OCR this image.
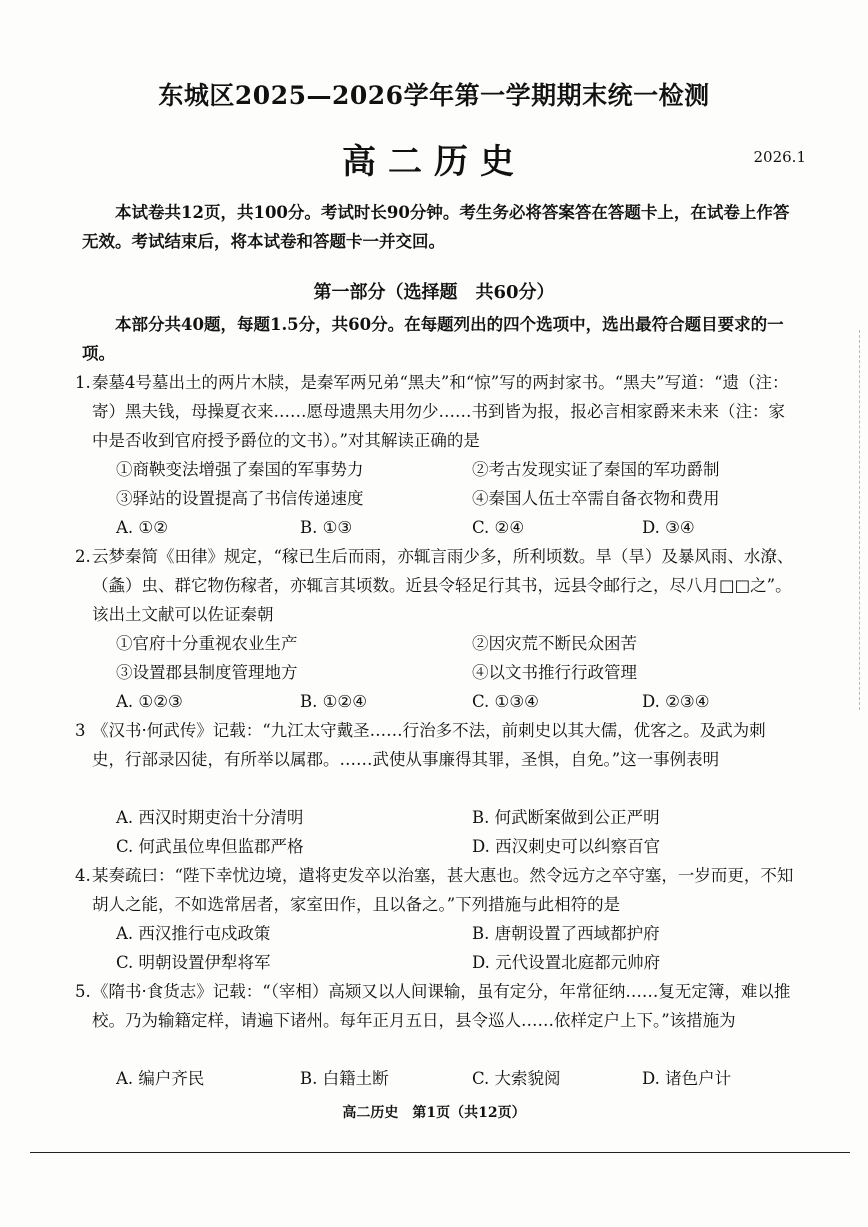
东城区2025—2026学年第一学期期末统一检测
高二历史	2026.1
本试卷共12页，共100分。考试时长90分钟。考生务必将答案答在答题卡上，在试卷上作答无效。考试结束后，将本试卷和答题卡一并交回。
第一部分（选择题　共60分）
本部分共40题，每题1.5分，共60分。在每题列出的四个选项中，选出最符合题目要求的一项。
1. 秦墓4号墓出土的两片木牍，是秦军两兄弟“黑夫”和“惊”写的两封家书。“黑夫”写道：“遗（注：寄）黑夫钱，母操夏衣来……愿母遗黑夫用勿少……书到皆为报，报必言相家爵来未来（注：家中是否收到官府授予爵位的文书）。”对其解读正确的是
①商鞅变法增强了秦国的军事势力	②考古发现实证了秦国的军功爵制
③驿站的设置提高了书信传递速度	④秦国人伍士卒需自备衣物和费用
A. ①②	B. ①③	C. ②④	D. ③④
2. 云梦秦简《田律》规定，“稼已生后而雨，亦辄言雨少多，所利顷数。旱（旱）及暴风雨、水潦、（螽）虫、群它物伤稼者，亦辄言其顷数。近县令轻足行其书，远县令邮行之，尽八月□□之”。该出土文献可以佐证秦朝
①官府十分重视农业生产	②因灾荒不断民众困苦
③设置郡县制度管理地方	④以文书推行行政管理
A. ①②③	B. ①②④	C. ①③④	D. ②③④
3 《汉书·何武传》记载：“九江太守戴圣……行治多不法，前刺史以其大儒，优客之。及武为刺史，行部录囚徒，有所举以属郡。……武使从事廉得其罪，圣惧，自免。”这一事例表明
A. 西汉时期吏治十分清明	B. 何武断案做到公正严明
C. 何武虽位卑但监郡严格	D. 西汉刺史可以纠察百官
4. 某奏疏曰：“陛下幸忧边境，遣将吏发卒以治塞，甚大惠也。然令远方之卒守塞，一岁而更，不知胡人之能，不如选常居者，家室田作，且以备之。”下列措施与此相符的是
A. 西汉推行屯戍政策	B. 唐朝设置了西域都护府
C. 明朝设置伊犁将军	D. 元代设置北庭都元帅府
5. 《隋书·食货志》记载：“（宰相）高颎又以人间课输，虽有定分，年常征纳……复无定簿，难以推校。乃为输籍定样，请遍下诸州。每年正月五日，县令巡人……依样定户上下。”该措施为
A. 编户齐民	B. 白籍土断	C. 大索貌阅	D. 诸色户计
高二历史　第1页（共12页）
